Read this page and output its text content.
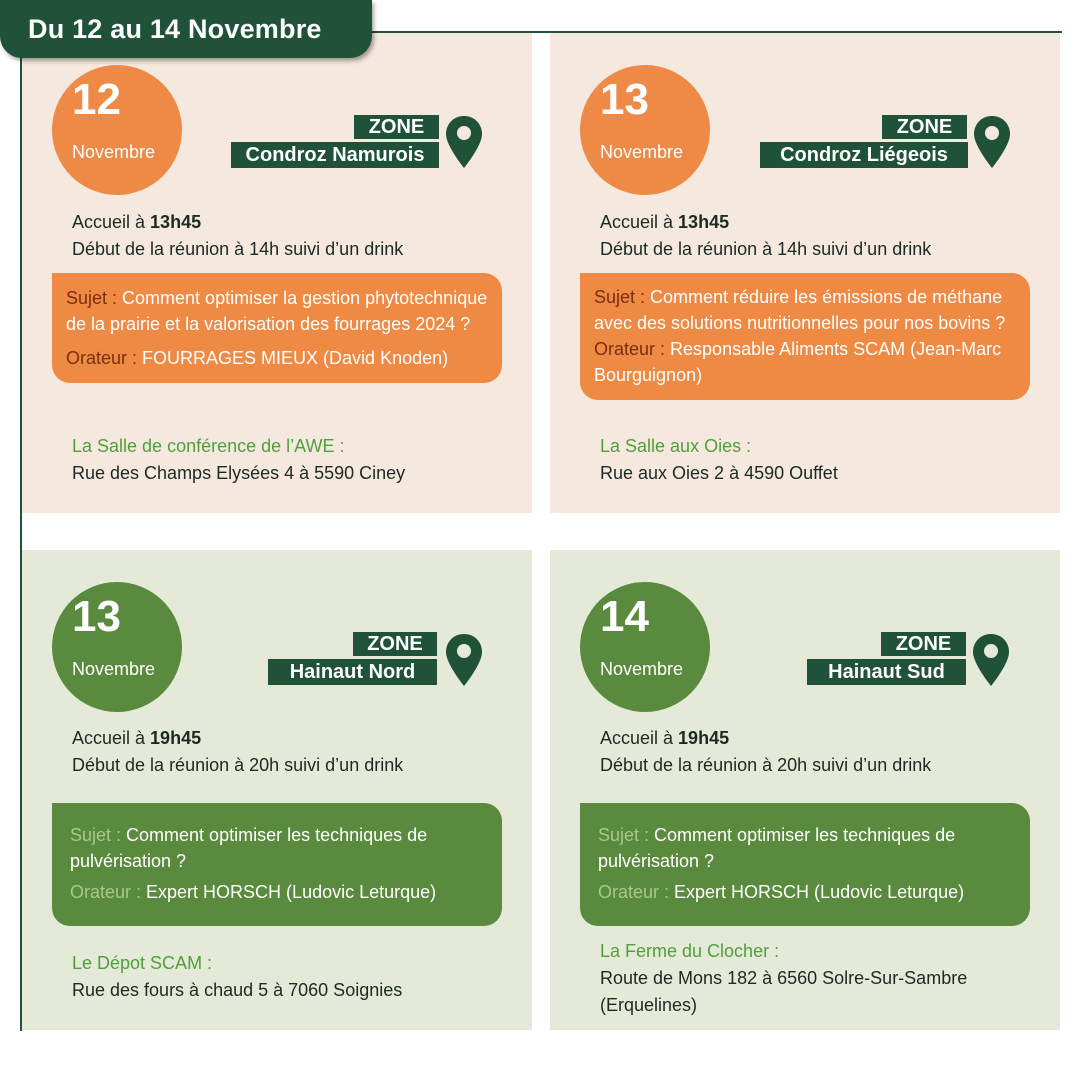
12
Novembre
ZONE
Condroz Namurois
Accueil à 13h45
Début de la réunion à 14h suivi d’un drink
Sujet : Comment optimiser la gestion phytotechnique de la prairie et la valorisation des fourrages 2024 ?
Orateur : FOURRAGES MIEUX (David Knoden)
La Salle de conférence de l’AWE :
Rue des Champs Elysées 4 à 5590 Ciney
13
Novembre
ZONE
Condroz Liégeois
Accueil à 13h45
Début de la réunion à 14h suivi d’un drink
Sujet : Comment réduire les émissions de méthane avec des solutions nutritionnelles pour nos bovins ?
Orateur : Responsable Aliments SCAM (Jean-Marc Bourguignon)
La Salle aux Oies :
Rue aux Oies 2 à 4590 Ouffet
13
Novembre
ZONE
Hainaut Nord
Accueil à 19h45
Début de la réunion à 20h suivi d’un drink
Sujet : Comment optimiser les techniques de pulvérisation ?
Orateur : Expert HORSCH (Ludovic Leturque)
Le Dépot SCAM :
Rue des fours à chaud 5 à 7060 Soignies
14
Novembre
ZONE
Hainaut Sud
Accueil à 19h45
Début de la réunion à 20h suivi d’un drink
Sujet : Comment optimiser les techniques de pulvérisation ?
Orateur : Expert HORSCH (Ludovic Leturque)
La Ferme du Clocher :
Route de Mons 182 à 6560 Solre-Sur-Sambre (Erquelines)
Du 12 au 14 Novembre
